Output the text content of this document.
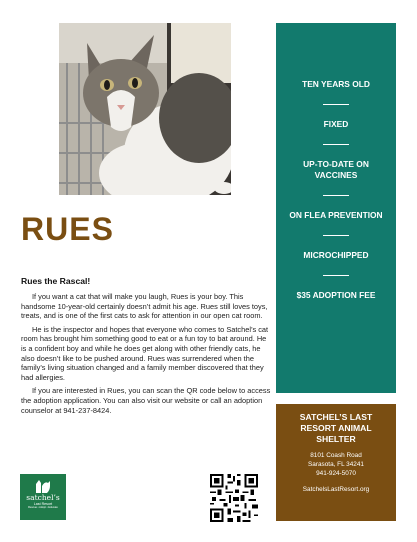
RUES
Rues the Rascal!

If you want a cat that will make you laugh, Rues is your boy. This handsome 10-year-old certainly doesn’t admit his age. Rues still loves toys, treats, and is one of the first cats to ask for attention in our open cat room.

He is the inspector and hopes that everyone who comes to Satchel’s cat room has brought him something good to eat or a fun toy to bat around. He is a confident boy and while he does get along with other friendly cats, he also doesn’t like to be pushed around. Rues was surrendered when the family’s living situation changed and a family member discovered that they had allergies.

If you are interested in Rues, you can scan the QR code below to access the adoption application. You can also visit our website or call an adoption counselor at 941-237-8424.

TEN YEARS OLD
FIXED
UP-TO-DATE ON VACCINES
ON FLEA PREVENTION
MICROCHIPPED
$35 ADOPTION FEE
SATCHEL’S LAST RESORT ANIMAL SHELTER
8101 Coash Road
Sarasota, FL 34241
941-924-5070
SatchelsLastResort.org
satchel’s
Last Resort
Rescue • Adopt • Educate
